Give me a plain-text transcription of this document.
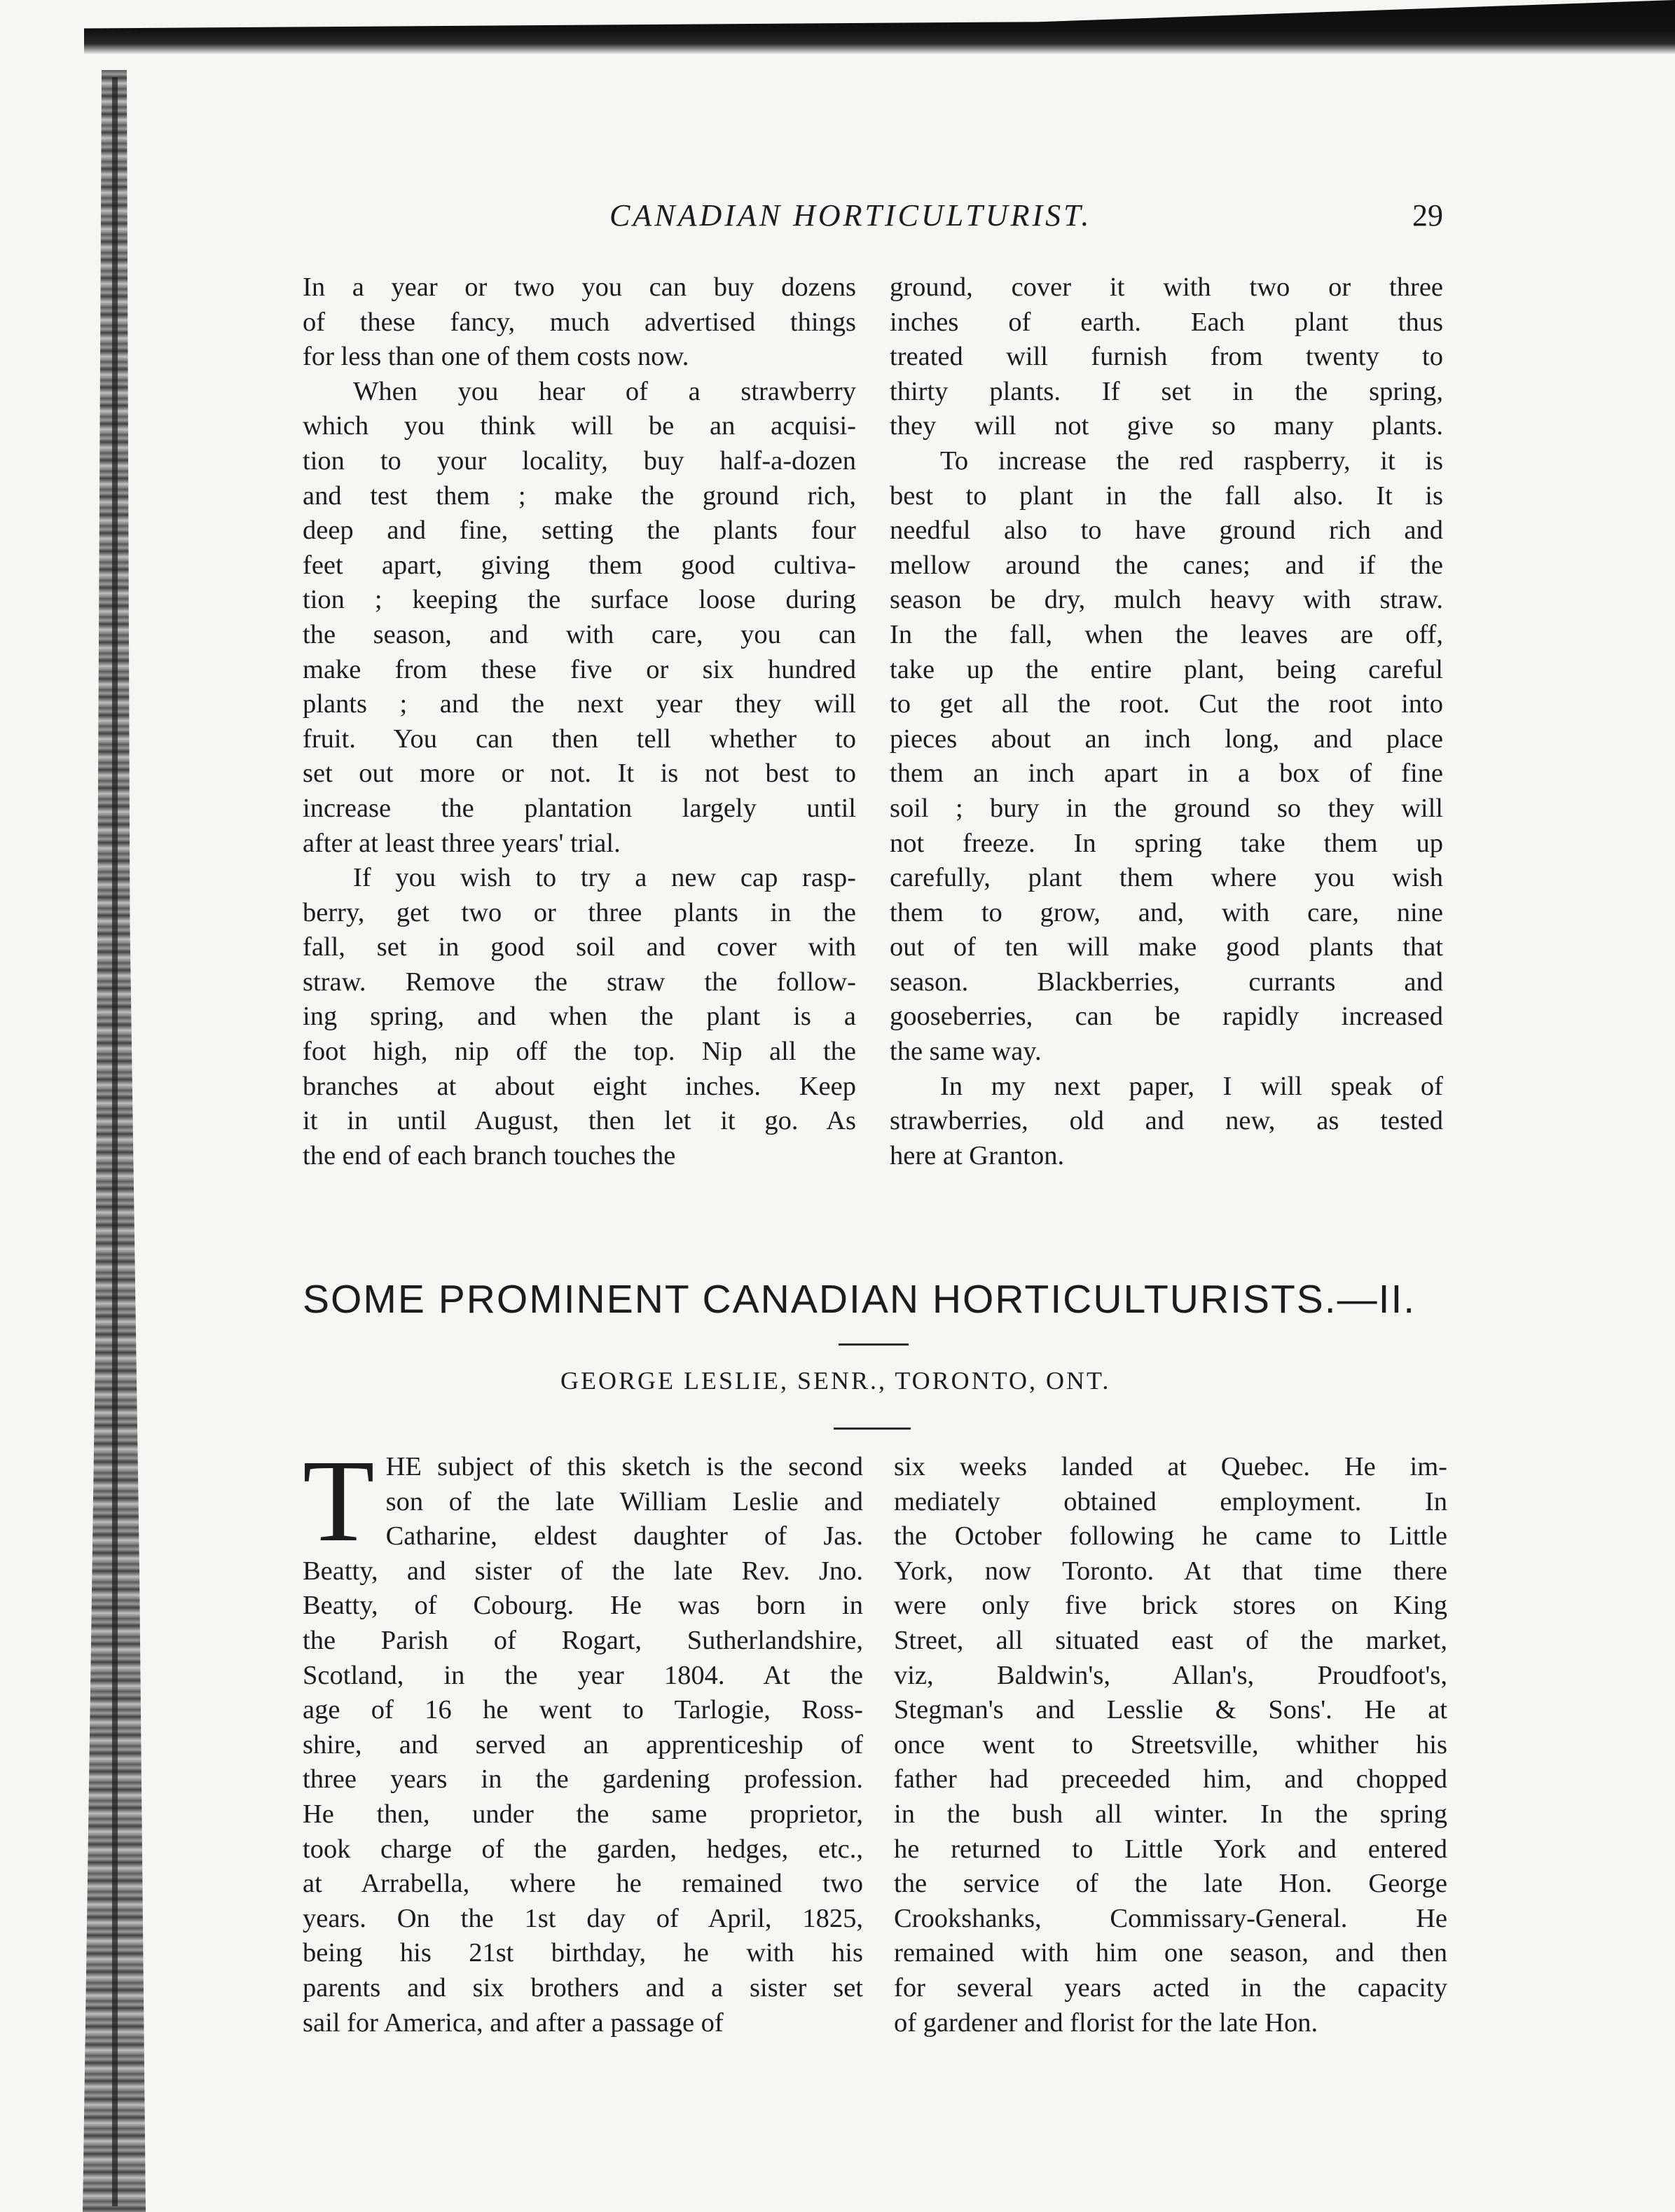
CANADIAN HORTICULTURIST.	29
In a year or two you can buy dozens
of these fancy, much advertised things
for less than one of them costs now.
When you hear of a strawberry
which you think will be an acquisi-
tion to your locality, buy half-a-dozen
and test them ; make the ground rich,
deep and fine, setting the plants four
feet apart, giving them good cultiva-
tion ; keeping the surface loose during
the season, and with care, you can
make from these five or six hundred
plants ; and the next year they will
fruit. You can then tell whether to
set out more or not. It is not best to
increase the plantation largely until
after at least three years' trial.
If you wish to try a new cap rasp-
berry, get two or three plants in the
fall, set in good soil and cover with
straw. Remove the straw the follow-
ing spring, and when the plant is a
foot high, nip off the top. Nip all the
branches at about eight inches. Keep
it in until August, then let it go. As
the end of each branch touches the
ground, cover it with two or three
inches of earth. Each plant thus
treated will furnish from twenty to
thirty plants. If set in the spring,
they will not give so many plants.
To increase the red raspberry, it is
best to plant in the fall also. It is
needful also to have ground rich and
mellow around the canes; and if the
season be dry, mulch heavy with straw.
In the fall, when the leaves are off,
take up the entire plant, being careful
to get all the root. Cut the root into
pieces about an inch long, and place
them an inch apart in a box of fine
soil ; bury in the ground so they will
not freeze. In spring take them up
carefully, plant them where you wish
them to grow, and, with care, nine
out of ten will make good plants that
season. Blackberries, currants and
gooseberries, can be rapidly increased
the same way.
In my next paper, I will speak of
strawberries, old and new, as tested
here at Granton.
SOME PROMINENT CANADIAN HORTICULTURISTS.—II.
GEORGE LESLIE, SENR., TORONTO, ONT.
T HE subject of this sketch is the second
son of the late William Leslie and
Catharine, eldest daughter of Jas.
Beatty, and sister of the late Rev. Jno.
Beatty, of Cobourg. He was born in
the Parish of Rogart, Sutherlandshire,
Scotland, in the year 1804. At the
age of 16 he went to Tarlogie, Ross-
shire, and served an apprenticeship of
three years in the gardening profession.
He then, under the same proprietor,
took charge of the garden, hedges, etc.,
at Arrabella, where he remained two
years. On the 1st day of April, 1825,
being his 21st birthday, he with his
parents and six brothers and a sister set
sail for America, and after a passage of
six weeks landed at Quebec. He im-
mediately obtained employment. In
the October following he came to Little
York, now Toronto. At that time there
were only five brick stores on King
Street, all situated east of the market,
viz, Baldwin's, Allan's, Proudfoot's,
Stegman's and Lesslie & Sons'. He at
once went to Streetsville, whither his
father had preceeded him, and chopped
in the bush all winter. In the spring
he returned to Little York and entered
the service of the late Hon. George
Crookshanks, Commissary-General. He
remained with him one season, and then
for several years acted in the capacity
of gardener and florist for the late Hon.
